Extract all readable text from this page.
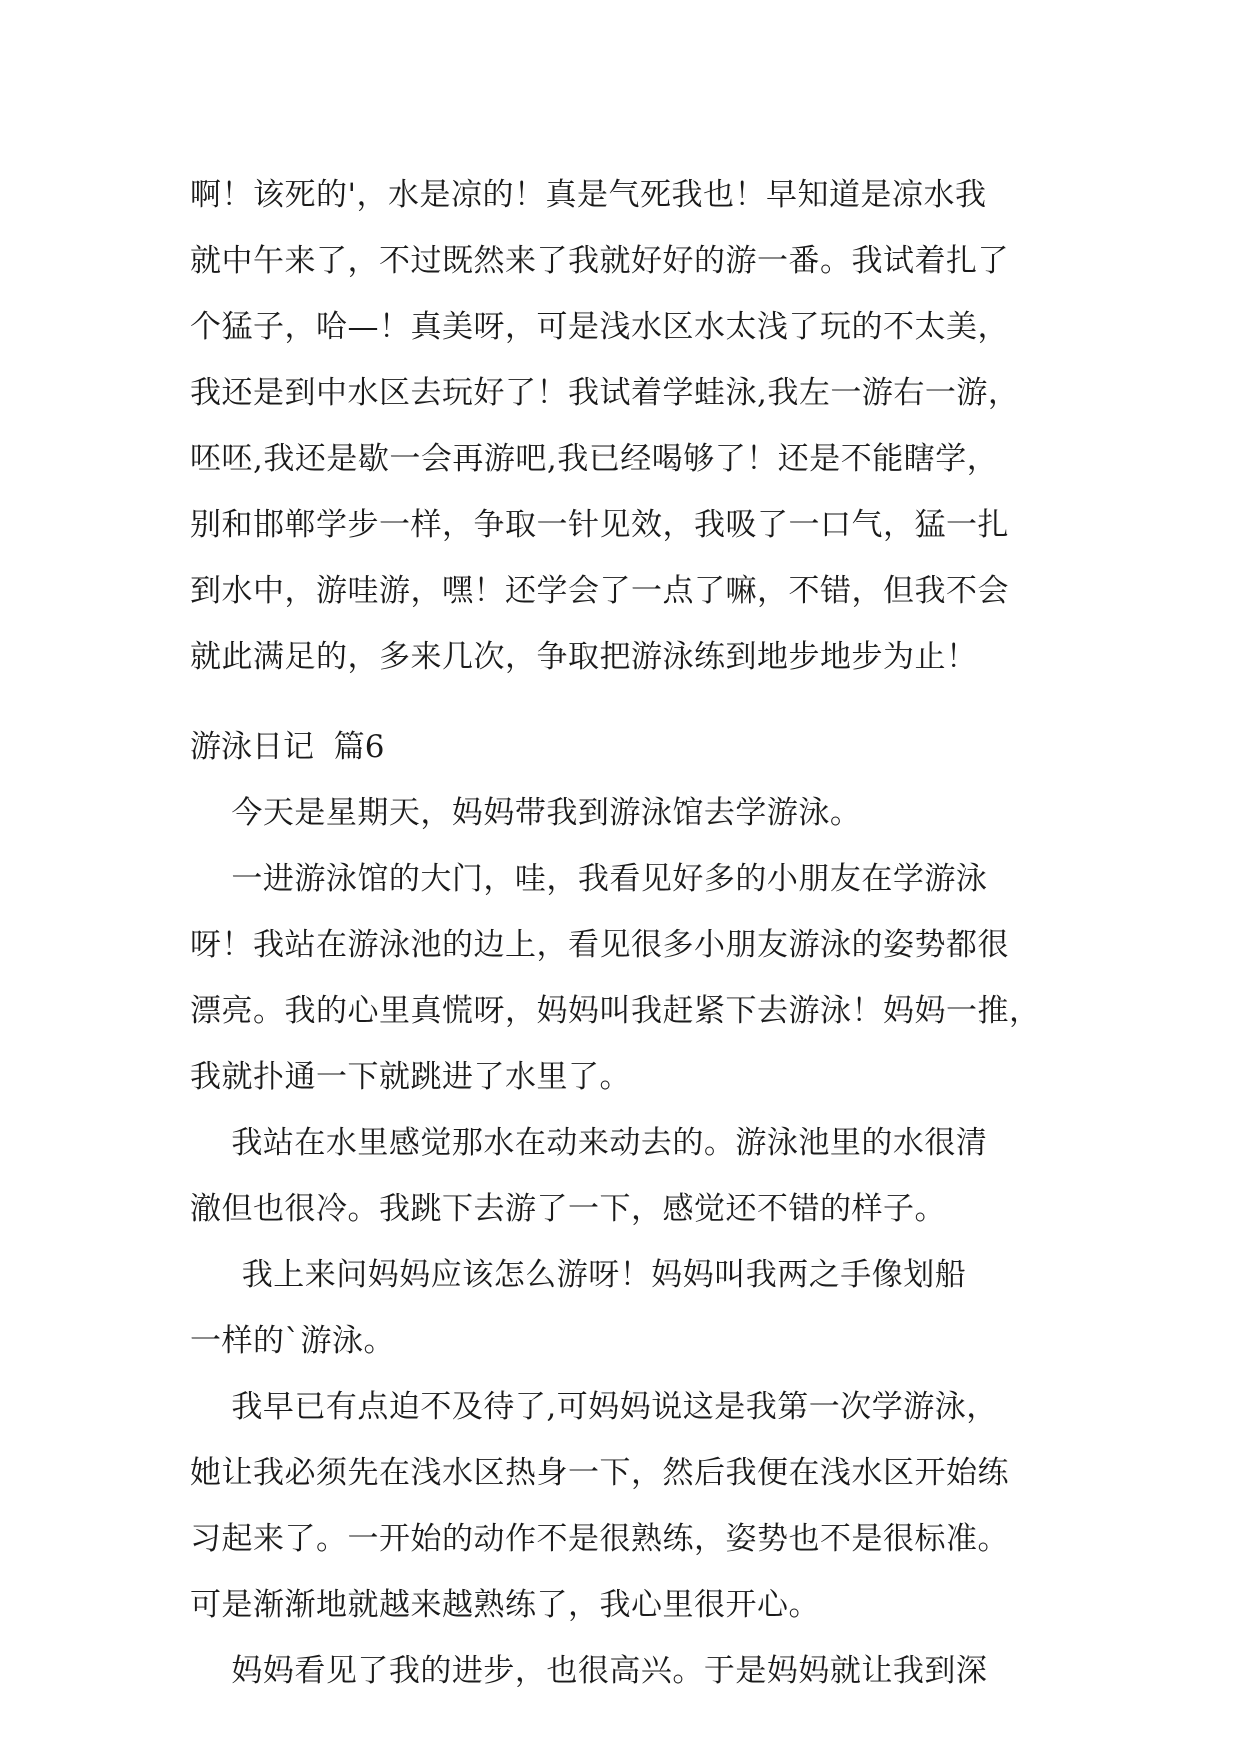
啊！该死的'，水是凉的！真是气死我也！早知道是凉水我
就中午来了，不过既然来了我就好好的游一番。我试着扎了
个猛子，哈—！真美呀，可是浅水区水太浅了玩的不太美，
我还是到中水区去玩好了！我试着学蛙泳,我左一游右一游，
呸呸,我还是歇一会再游吧,我已经喝够了！还是不能瞎学，
别和邯郸学步一样，争取一针见效，我吸了一口气，猛一扎
到水中，游哇游，嘿！还学会了一点了嘛，不错，但我不会
就此满足的，多来几次，争取把游泳练到地步地步为止！
游泳日记  篇6
今天是星期天，妈妈带我到游泳馆去学游泳。
一进游泳馆的大门，哇，我看见好多的小朋友在学游泳
呀！我站在游泳池的边上，看见很多小朋友游泳的姿势都很
漂亮。我的心里真慌呀，妈妈叫我赶紧下去游泳！妈妈一推，
我就扑通一下就跳进了水里了。
我站在水里感觉那水在动来动去的。游泳池里的水很清
澈但也很冷。我跳下去游了一下，感觉还不错的样子。
我上来问妈妈应该怎么游呀！妈妈叫我两之手像划船
一样的`游泳。
我早已有点迫不及待了,可妈妈说这是我第一次学游泳，
她让我必须先在浅水区热身一下，然后我便在浅水区开始练
习起来了。一开始的动作不是很熟练，姿势也不是很标准。
可是渐渐地就越来越熟练了，我心里很开心。
妈妈看见了我的进步，也很高兴。于是妈妈就让我到深
